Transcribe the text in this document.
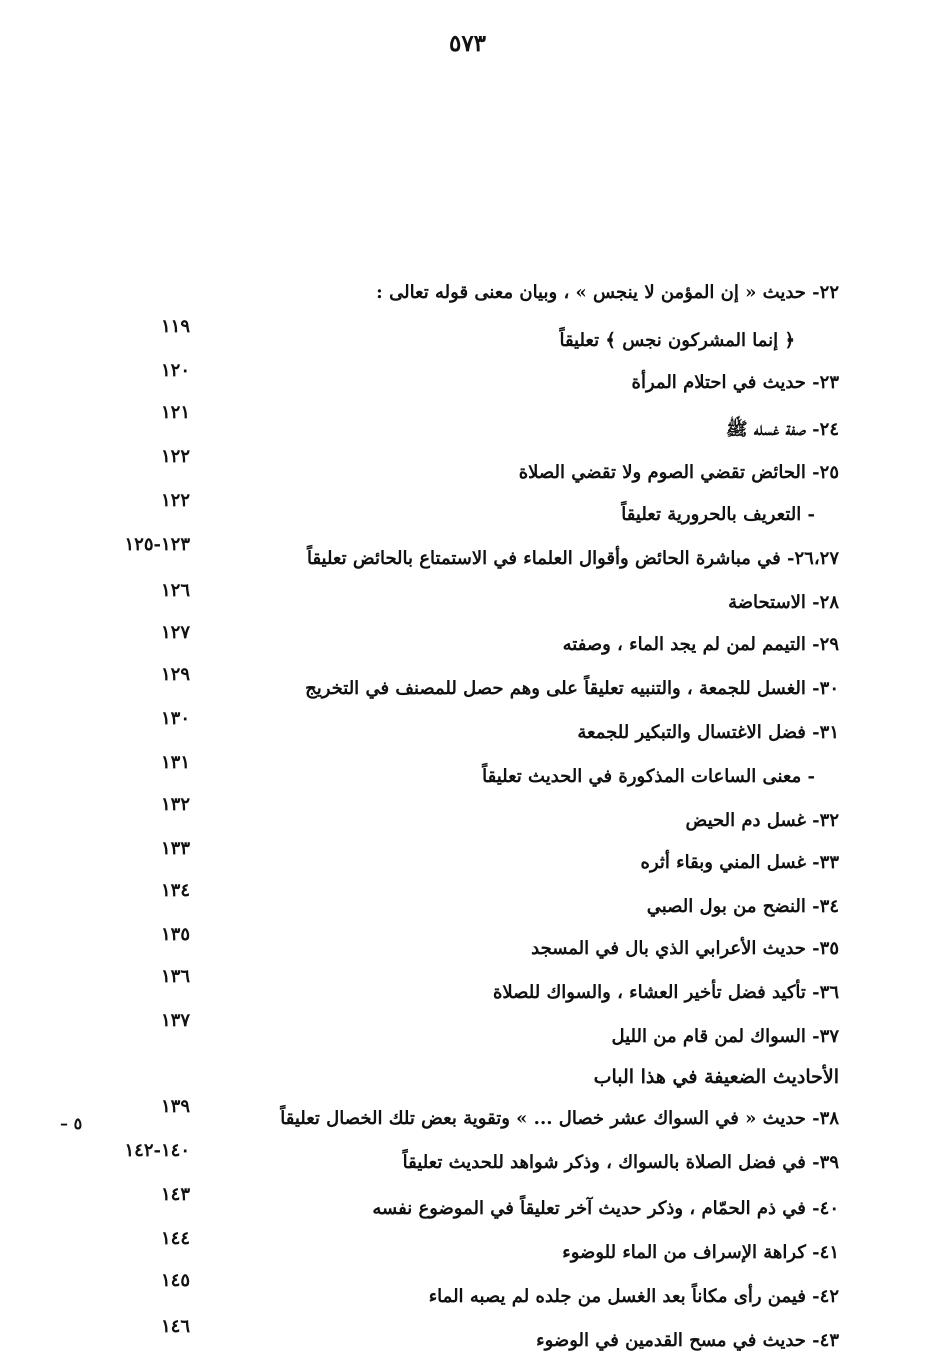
٥٧٣
٢٢- حديث « إن المؤمن لا ينجس » ، وبيان معنى قوله تعالى :
﴿ إنما المشركون نجس ﴾ تعليقاً
١١٩
٢٣- حديث في احتلام المرأة
١٢٠
٢٤- صفة غسله ﷺ
١٢١
٢٥- الحائض تقضي الصوم ولا تقضي الصلاة
١٢٢
- التعريف بالحرورية تعليقاً
١٢٢
٢٦،٢٧- في مباشرة الحائض وأقوال العلماء في الاستمتاع بالحائض تعليقاً
١٢٣-١٢٥
٢٨- الاستحاضة
١٢٦
٢٩- التيمم لمن لم يجد الماء ، وصفته
١٢٧
٣٠- الغسل للجمعة ، والتنبيه تعليقاً على وهم حصل للمصنف في التخريج
١٢٩
٣١- فضل الاغتسال والتبكير للجمعة
١٣٠
- معنى الساعات المذكورة في الحديث تعليقاً
١٣١
٣٢- غسل دم الحيض
١٣٢
٣٣- غسل المني وبقاء أثره
١٣٣
٣٤- النضح من بول الصبي
١٣٤
٣٥- حديث الأعرابي الذي بال في المسجد
١٣٥
٣٦- تأكيد فضل تأخير العشاء ، والسواك للصلاة
١٣٦
٣٧- السواك لمن قام من الليل
١٣٧
٣٨- حديث « في السواك عشر خصال ... » وتقوية بعض تلك الخصال تعليقاً
١٣٩
٣٩- في فضل الصلاة بالسواك ، وذكر شواهد للحديث تعليقاً
١٤٠-١٤٢
٤٠- في ذم الحمّام ، وذكر حديث آخر تعليقاً في الموضوع نفسه
١٤٣
٤١- كراهة الإسراف من الماء للوضوء
١٤٤
٤٢- فيمن رأى مكاناً بعد الغسل من جلده لم يصبه الماء
١٤٥
٤٣- حديث في مسح القدمين في الوضوء
١٤٦
الأحاديث الضعيفة في هذا الباب
– ٥
